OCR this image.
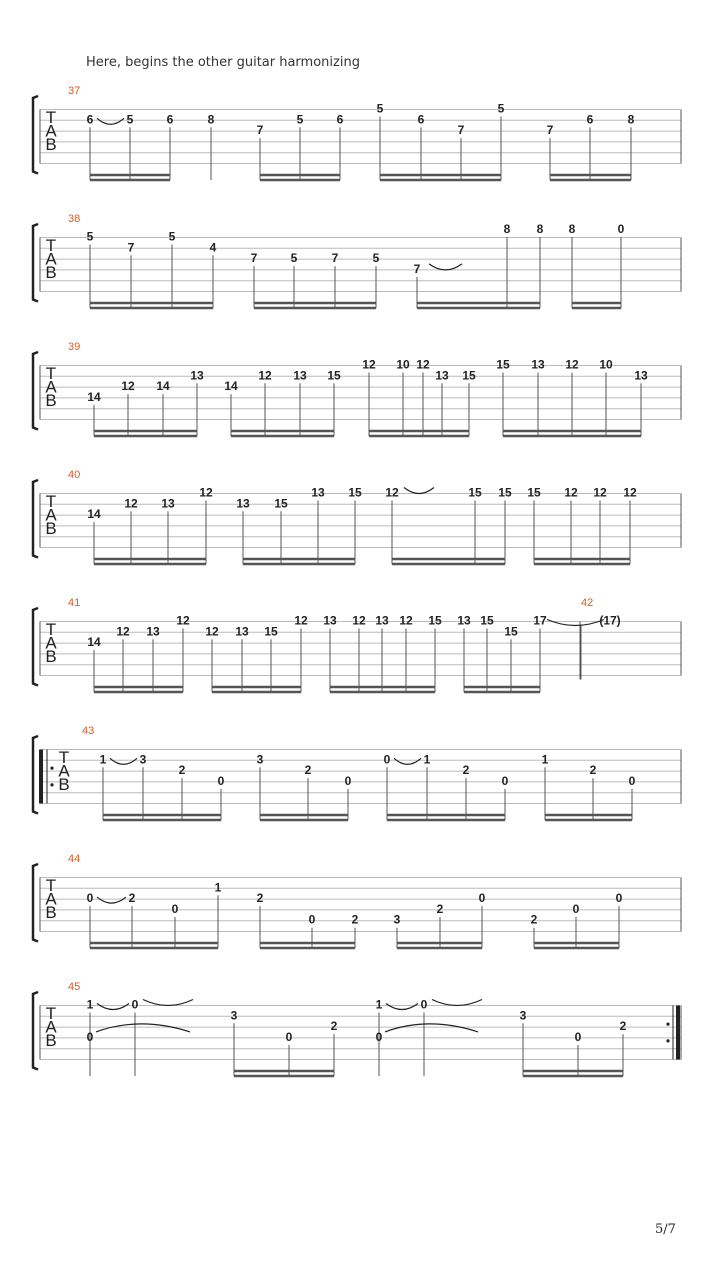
Here, begins the other guitar harmonizing
T
A
B
37
6	5	6	8
7
5	6
5
6
7
5
7
6	8
T
A
B
38
5
7
5
4
7	5	7	5
7
8 8 8	0
T
A
B
39
14
12 14
13
14
12 13 15
12 10 12
13 15
15 13 12 10
13
T
A
B
40
14
12 13
12
13 15
13 15 12	15 15 15 12 12 12
T
A
B
41	42
14
12 13
12
12 13 15
12 13 12 13 12 15 13 15
15
17	(17)
T
A
B
43
1	3
2
0
3
2
0
0	1
2
0
1
2
0
T
A
B
44
0	2
0
1
2
0	2	3
2
0
2
0
0
T
A
B
45
1	0
0
3
0
2
1	0
0
3
0
2
5/7
